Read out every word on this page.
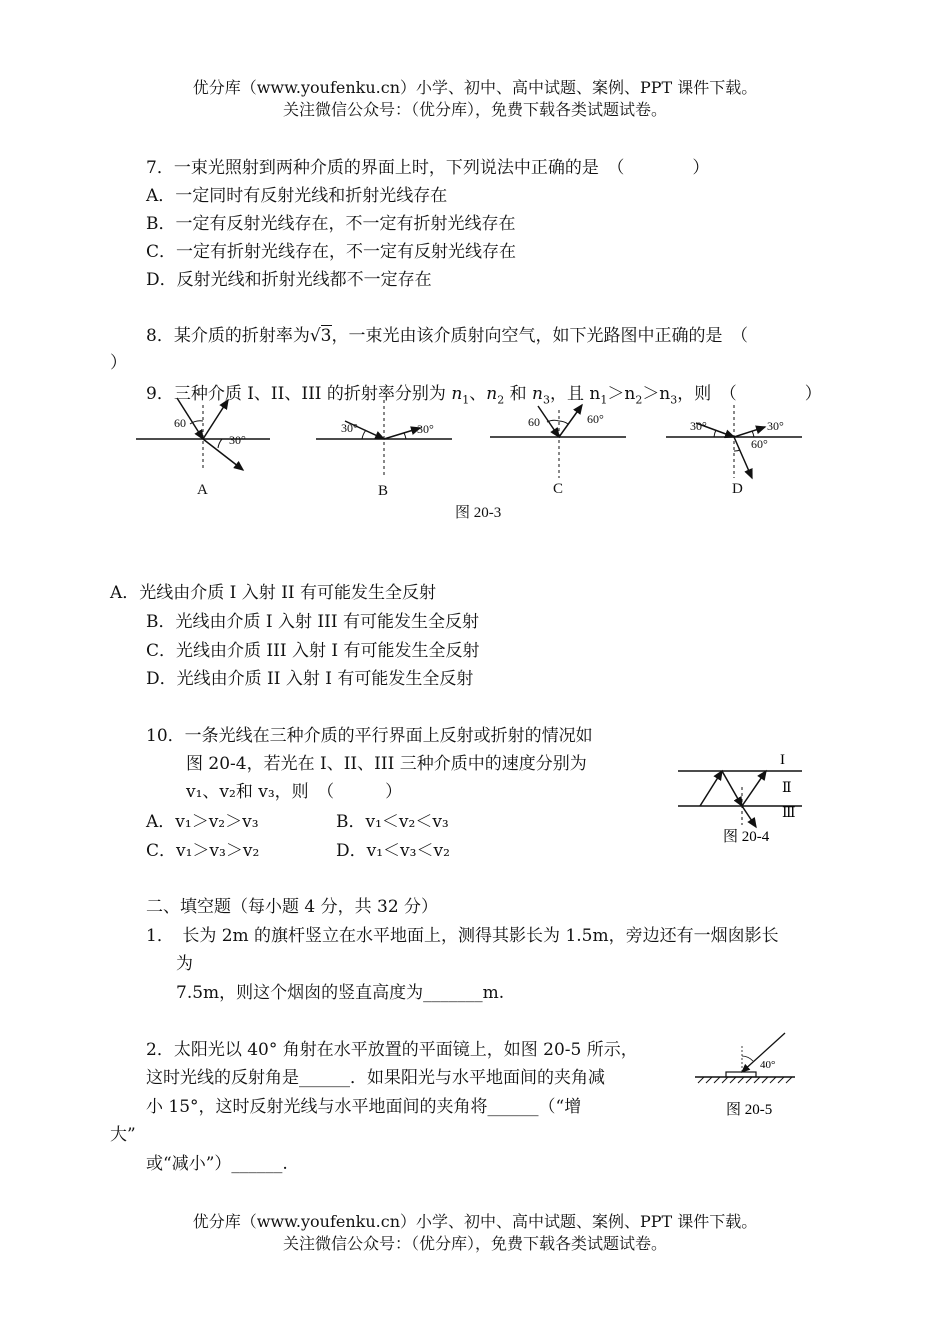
优分库（www.youfenku.cn）小学、初中、高中试题、案例、PPT 课件下载。
关注微信公众号：（优分库），免费下载各类试题试卷。
7．一束光照射到两种介质的界面上时，下列说法中正确的是　（　　　　）
A．一定同时有反射光线和折射光线存在
B．一定有反射光线存在，不一定有折射光线存在
C．一定有折射光线存在，不一定有反射光线存在
D．反射光线和折射光线都不一定存在
8．某介质的折射率为√3，一束光由该介质射向空气，如下光路图中正确的是　（
）
9．三种介质 I、II、III 的折射率分别为 $n_1$、$n_2$ 和 $n_3$，且 $n_1>n_2>n_3$，则　（　　　　）
60
30°
A
30°	30°
B
60	60°
C
30°	30°
60°
D
图 20-3
A．光线由介质 I 入射 II 有可能发生全反射
B．光线由介质 I 入射 III 有可能发生全反射
C．光线由介质 III 入射 I 有可能发生全反射
D．光线由介质 II 入射 I 有可能发生全反射
10．一条光线在三种介质的平行界面上反射或折射的情况如
图 20-4，若光在 I、II、III 三种介质中的速度分别为
v₁、v₂和 v₃，则　（　　　）
A．v₁＞v₂＞v₃	B．v₁＜v₂＜v₃
C．v₁＞v₃＞v₂	D．v₁＜v₃＜v₂
I
Ⅱ
Ⅲ
图 20-4
二、填空题（每小题 4 分，共 32 分）
1．　长为 2m 的旗杆竖立在水平地面上，测得其影长为 1.5m，旁边还有一烟囱影长
为
7.5m，则这个烟囱的竖直高度为_______m.
2．太阳光以 40° 角射在水平放置的平面镜上，如图 20-5 所示，
这时光线的反射角是______．如果阳光与水平地面间的夹角减
小 15°，这时反射光线与水平地面间的夹角将______（“增
大”
或“减小”）______.
40°
图 20-5
优分库（www.youfenku.cn）小学、初中、高中试题、案例、PPT 课件下载。
关注微信公众号：（优分库），免费下载各类试题试卷。
